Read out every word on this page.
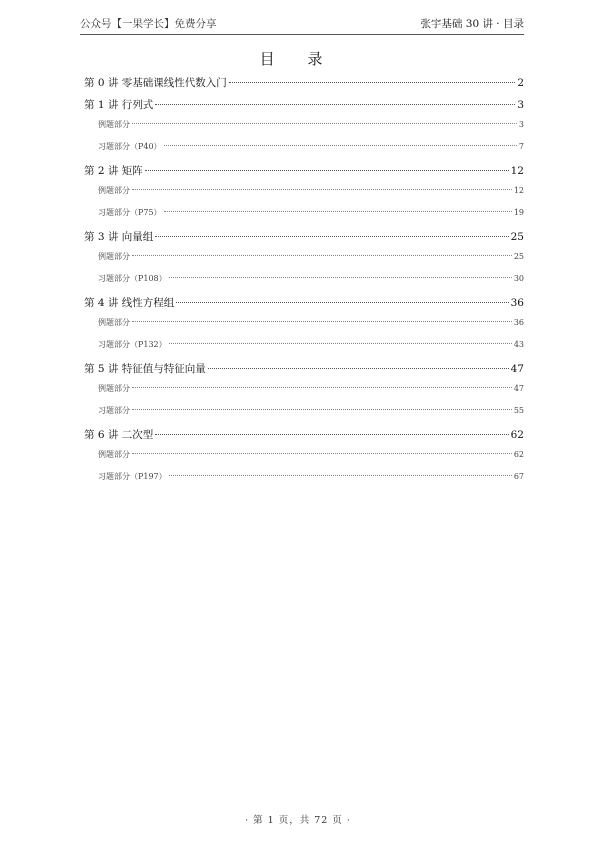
公众号【一果学长】免费分享	张宇基础 30 讲 · 目录
目 录
第 0 讲 零基础课线性代数入门	2
第 1 讲 行列式	3
例题部分	3
习题部分（P40）	7
第 2 讲 矩阵	12
例题部分	12
习题部分（P75）	19
第 3 讲 向量组	25
例题部分	25
习题部分（P108）	30
第 4 讲 线性方程组	36
例题部分	36
习题部分（P132）	43
第 5 讲 特征值与特征向量	47
例题部分	47
习题部分	55
第 6 讲 二次型	62
例题部分	62
习题部分（P197）	67
· 第 1 页，共 72 页 ·
